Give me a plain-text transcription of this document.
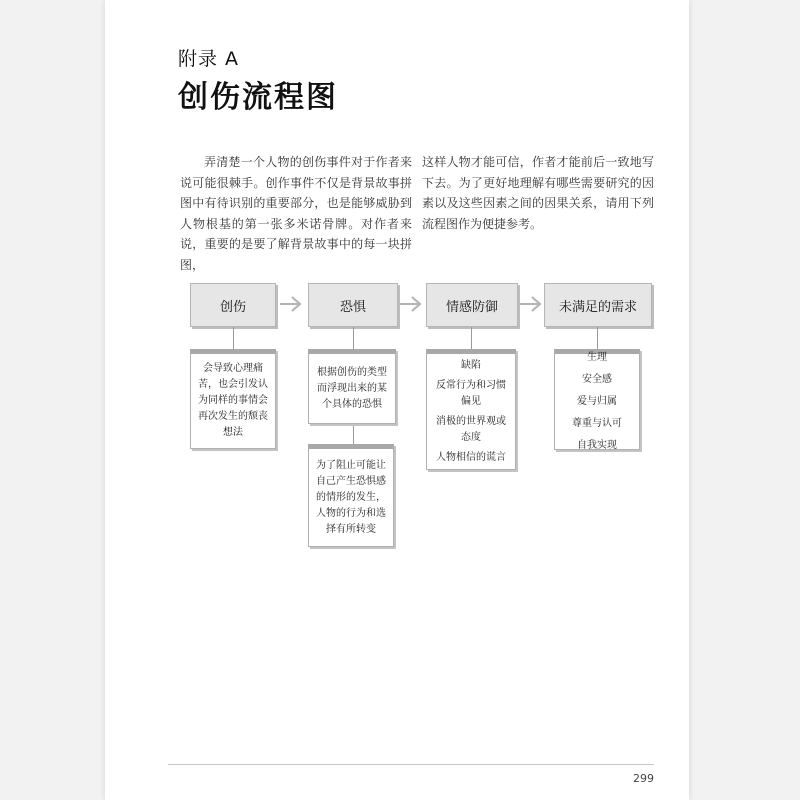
附录 A
创伤流程图
弄清楚一个人物的创伤事件对于作者来说可能很棘手。创作事件不仅是背景故事拼图中有待识别的重要部分，也是能够威胁到人物根基的第一张多米诺骨牌。对作者来说，重要的是要了解背景故事中的每一块拼图，
这样人物才能可信，作者才能前后一致地写下去。为了更好地理解有哪些需要研究的因素以及这些因素之间的因果关系，请用下列流程图作为便捷参考。
创伤	恐惧	情感防御	未满足的需求
会导致心理痛苦，也会引发认为同样的事情会再次发生的颓丧想法
根据创伤的类型而浮现出来的某个具体的恐惧
为了阻止可能让自己产生恐惧感的情形的发生，人物的行为和选择有所转变
缺陷
反常行为和习惯偏见
消极的世界观或态度
人物相信的谎言
生理
安全感
爱与归属
尊重与认可
自我实现
299
